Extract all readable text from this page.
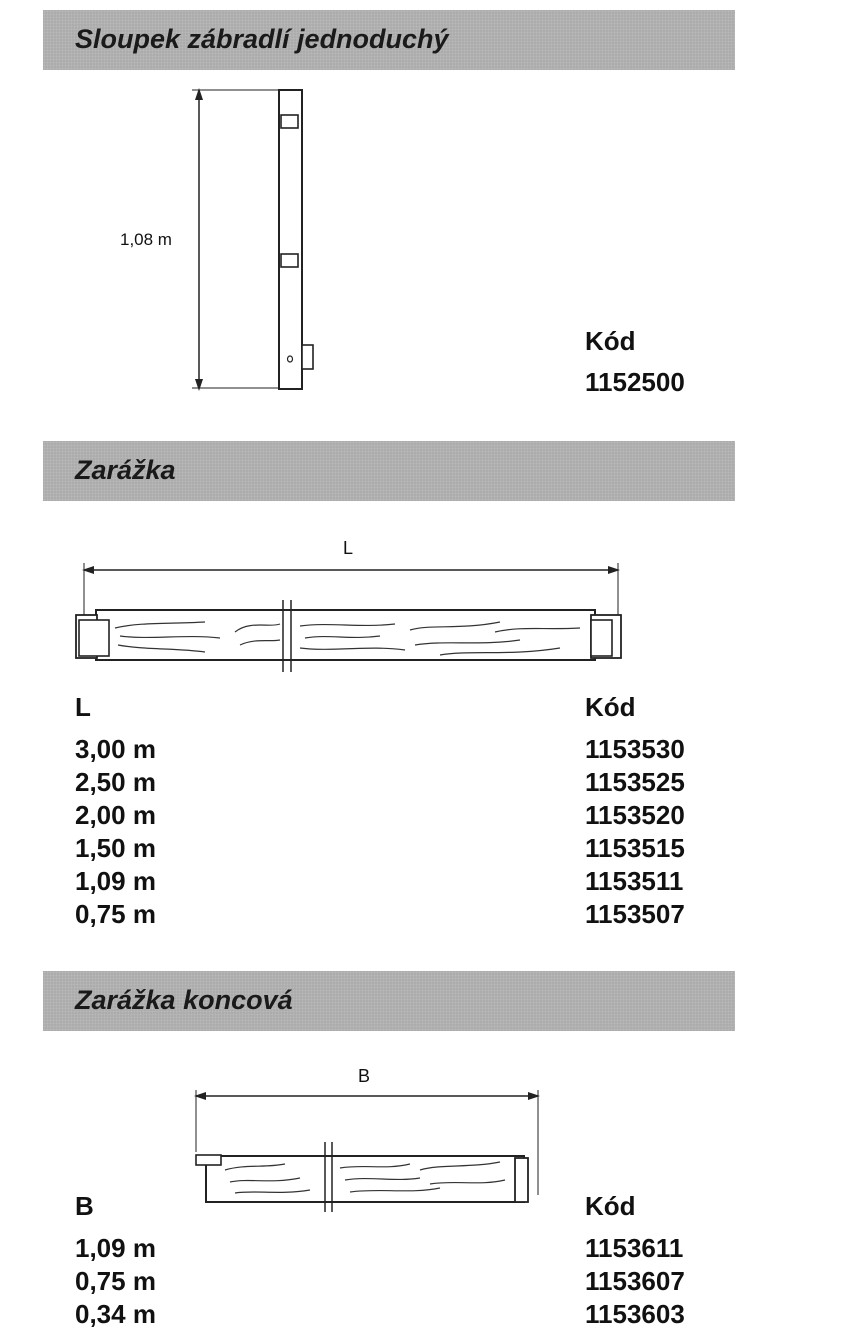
Sloupek zábradlí jednoduchý
1,08 m
Kód
1152500
Zarážka
L
L	Kód
3,00 m
2,50 m
2,00 m
1,50 m
1,09 m
0,75 m
1153530
1153525
1153520
1153515
1153511
1153507
Zarážka koncová
B
B	Kód
1,09 m
0,75 m
0,34 m
1153611
1153607
1153603
